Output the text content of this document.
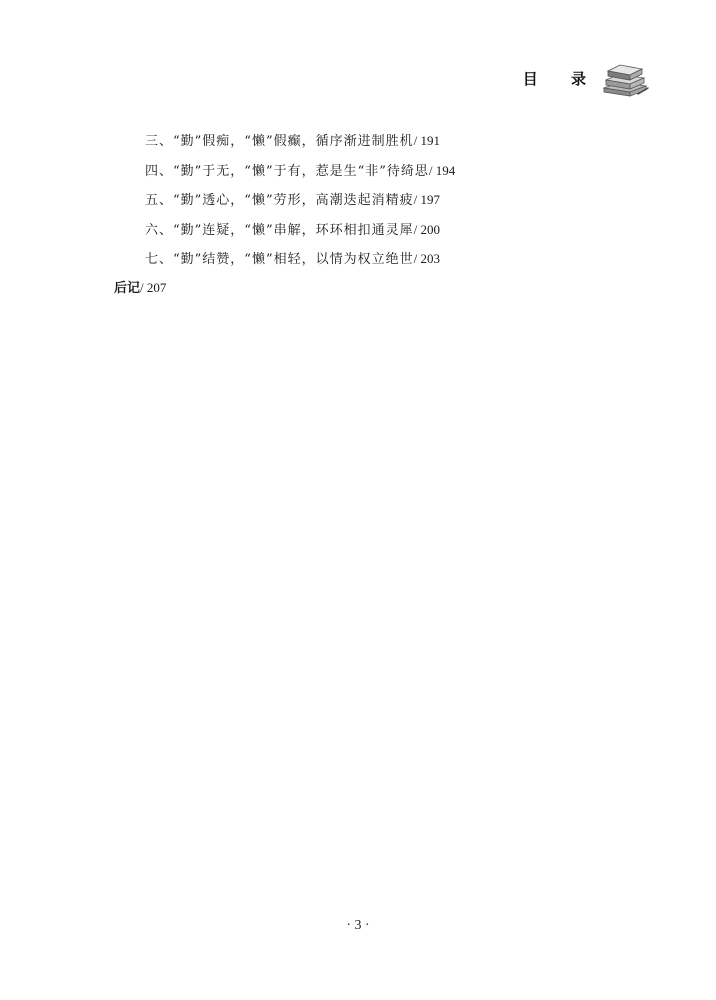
目 录
三、“勤”假痴，“懒”假癫，循序渐进制胜机/ 191
四、“勤”于无，“懒”于有，惹是生“非”待绮思/ 194
五、“勤”透心，“懒”劳形，高潮迭起消精疲/ 197
六、“勤”连疑，“懒”串解，环环相扣通灵犀/ 200
七、“勤”结赞，“懒”相轻，以情为权立绝世/ 203
后记/ 207
· 3 ·
